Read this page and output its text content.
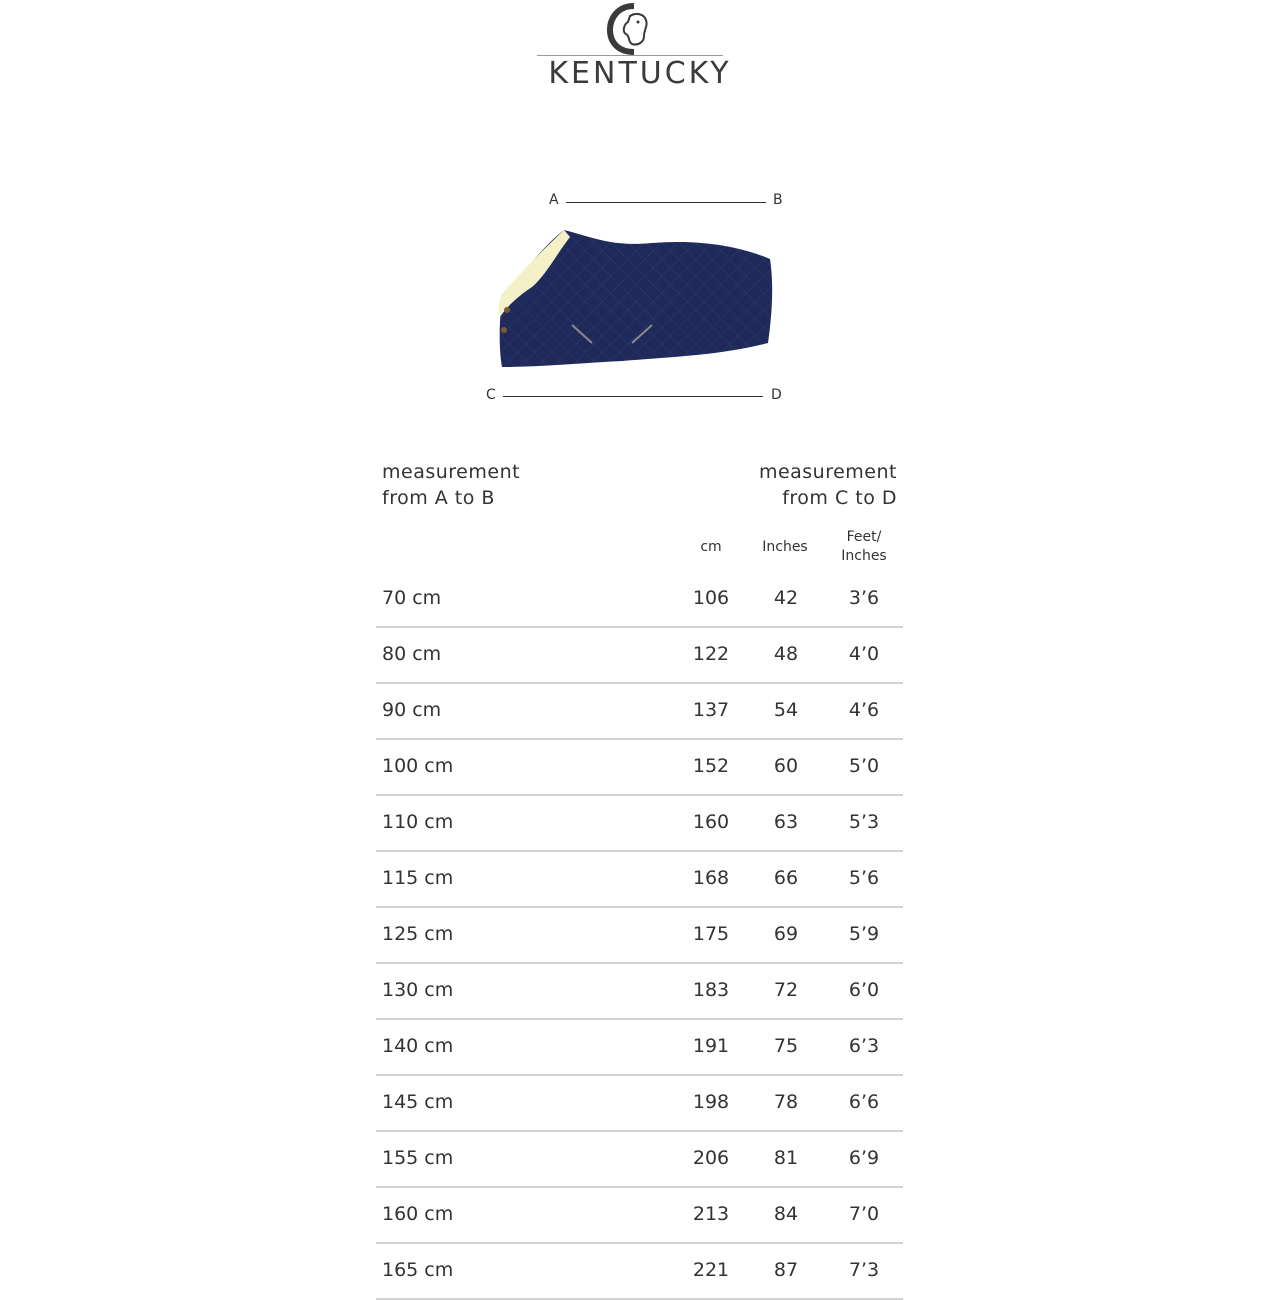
KENTUCKY
A	B
C	D
measurement
from A to B
measurement
from C to D
cm	Inches
Feet/
Inches
70 cm	106	42	3’6
80 cm	122	48	4’0
90 cm	137	54	4’6
100 cm	152	60	5’0
110 cm	160	63	5’3
115 cm	168	66	5’6
125 cm	175	69	5’9
130 cm	183	72	6’0
140 cm	191	75	6’3
145 cm	198	78	6’6
155 cm	206	81	6’9
160 cm	213	84	7’0
165 cm	221	87	7’3
